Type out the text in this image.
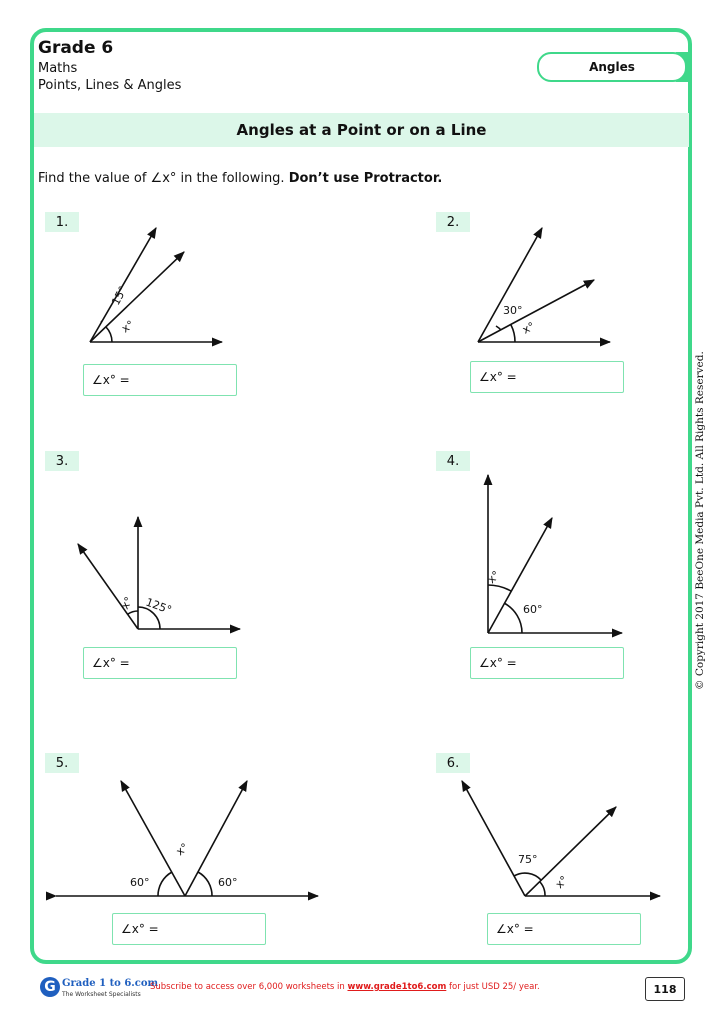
Grade 6
Maths
Points, Lines & Angles
Angles
Angles at a Point or on a Line
Find the value of ∠x° in the following. Don’t use Protractor.
1.	2.
3.	4.
5.	6.
15°
x°
30°
x°
125°
x°	60°
x°
60°
x°
60°
75°
x°
∠x° =	∠x° =
∠x° =	∠x° =
∠x° =	∠x° =
© Copyright 2017 BeeOne Media Pvt. Ltd. All Rights Reserved.
G Grade 1 to 6.com
The Worksheet Specialists
Subscribe to access over 6,000 worksheets in www.grade1to6.com for just USD 25/ year.	118
